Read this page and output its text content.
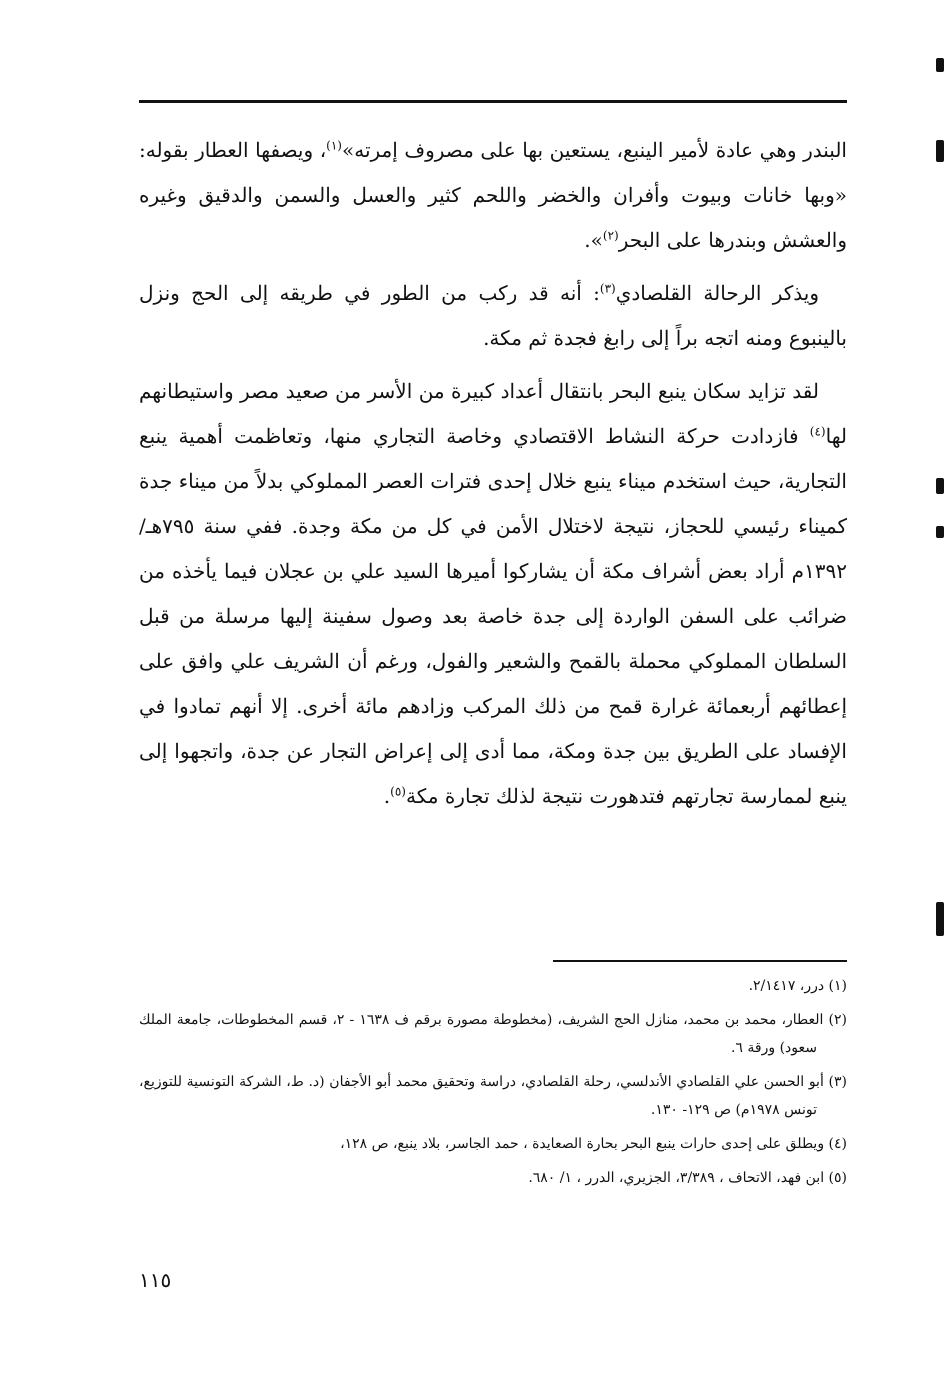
البندر وهي عادة لأمير الينبع، يستعين بها على مصروف إمرته»$^{(١)}$، ويصفها العطار بقوله: «وبها خانات وبيوت وأفران والخضر واللحم كثير والعسل والسمن والدقيق وغيره والعشش وبندرها على البحر$^{(٢)}$».

ويذكر الرحالة القلصادي$^{(٣)}$: أنه قد ركب من الطور في طريقه إلى الحج ونزل بالينبوع ومنه اتجه براً إلى رابغ فجدة ثم مكة.

لقد تزايد سكان ينبع البحر بانتقال أعداد كبيرة من الأسر من صعيد مصر واستيطانهم لها$^{(٤)}$ فازدادت حركة النشاط الاقتصادي وخاصة التجاري منها، وتعاظمت أهمية ينبع التجارية، حيث استخدم ميناء ينبع خلال إحدى فترات العصر المملوكي بدلاً من ميناء جدة كميناء رئيسي للحجاز، نتيجة لاختلال الأمن في كل من مكة وجدة. ففي سنة ٧٩٥هـ/ ١٣٩٢م أراد بعض أشراف مكة أن يشاركوا أميرها السيد علي بن عجلان فيما يأخذه من ضرائب على السفن الواردة إلى جدة خاصة بعد وصول سفينة إليها مرسلة من قبل السلطان المملوكي محملة بالقمح والشعير والفول، ورغم أن الشريف علي وافق على إعطائهم أربعمائة غرارة قمح من ذلك المركب وزادهم مائة أخرى. إلا أنهم تمادوا في الإفساد على الطريق بين جدة ومكة، مما أدى إلى إعراض التجار عن جدة، واتجهوا إلى ينبع لممارسة تجارتهم فتدهورت نتيجة لذلك تجارة مكة$^{(٥)}$.

(١) درر، ٢/١٤١٧.

(٢) العطار، محمد بن محمد، منازل الحج الشريف، (مخطوطة مصورة برقم ف ١٦٣٨ - ٢، قسم المخطوطات، جامعة الملك سعود) ورقة ٦.

(٣) أبو الحسن علي القلصادي الأندلسي، رحلة القلصادي، دراسة وتحقيق محمد أبو الأجفان (د. ط، الشركة التونسية للتوزيع، تونس ١٩٧٨م) ص ١٢٩- ١٣٠.

(٤) ويطلق على إحدى حارات ينبع البحر بحارة الصعايدة ، حمد الجاسر، بلاد ينبع، ص ١٢٨،

(٥) ابن فهد، الاتحاف ، ٣/٣٨٩، الجزيري، الدرر ، ١/ ٦٨٠.

١١٥
